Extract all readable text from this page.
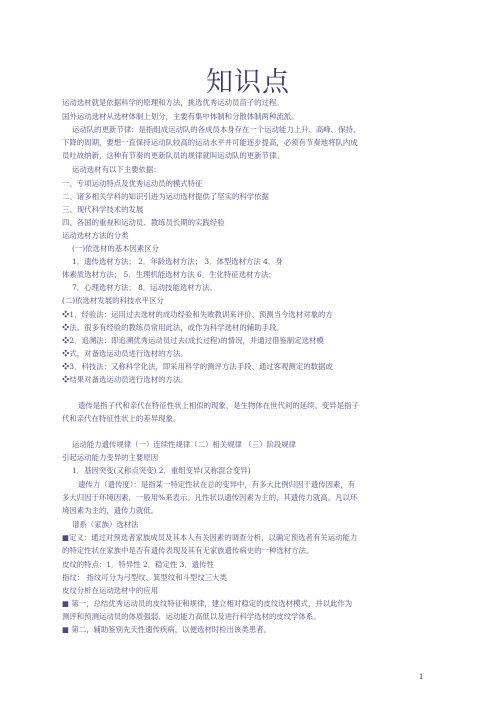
知识点
运动选材就是依据科学的原理和方法，挑选优秀运动员苗子的过程。
国外运动选材从选材体制上划分，主要有集中体制和分散体制两种流派。
运动队的更新节律：是指组成运动队的各成员本身存在一个运动能力上升、高峰、保持、
下降的周期，要想一直保持运动队较高的运动水平并可能逐步提高，必须有节奏地将队内成
员吐故纳新，这种有节奏的更新队员的规律就叫运动队的更新节律。
运动选材有以下主要依据：
一、专项运动特点及优秀运动员的模式特征
二、诸多相关学科的知识引进为运动选材提供了坚实的科学依据
三、现代科学技术的发展
四、各国的重视和运动员、教练员长期的实践经验
运动选材方法的分类
(一)依选材的基本因素区分
1．遗传选材方法； 2．年龄选材方法； 3．体型选材方法 4．身
体素质选材方法； 5．生理机能选材方法 6．生化特征选材方法；
7．心理选材方法； 8．运动技能选材方法。
(二)依选材发展的科技水平区分
❖1．经验法：运用过去选材的成功经验和失败教训来评价、预测当今选材对象的方
❖法。很多有经验的教练员常用此法，或作为科学选材的辅助手段。
❖2．追溯法：即追溯优秀运动员过去(成长过程)的情况，并通过借鉴制定选材模
❖式，对备选运动员进行选材的方法。
❖3．科技法：又称科学化法，即采用科学的测评方法手段、通过客观测定的数据或
❖结果对备选运动员进行选材的方法。
遗传是指子代和亲代在特征性状上相似的现象，是生物体在世代间的延续。变异是指子
代和亲代在特征性状上的差异现象。
运动能力遗传规律（一）连续性规律（二）相关规律 （三）阶段规律
引起运动能力变异的主要原因
1．基因突变(又称点突变) 2．重组变异(又称混合变异)
遗传力（遗传度）：是指某一特定性状在总的变异中，有多大比例归因于遗传因素，有
多大归因于环境因素，一般用%来表示。凡性状以遗传因素为主的，其遗传力就高。凡以环
境因素为主的，遗传力就低。
谱系（家族）选材法
■定义：通过对预选者家族成员及其本人有关因素的调查分析，以确定预选者有关运动能力
的特定性状在家族中是否有遗传表现及其有无家族遗传病史的一种选材方法。
皮纹的特点：1．特异性 2．稳定性 3．遗传性
指纹： 指纹可分为弓型纹、箕型纹和斗型纹三大类
皮纹分析在运动选材中的应用
■ 第一，总结优秀运动员的皮纹特征和规律，建立相对稳定的皮纹选材模式，并以此作为
测评和预测运动员的体质强弱、运动能力高低以及进行科学选材的皮纹学体系。
■ 第二，辅助鉴别先天性遗传疾病，以便选材时检出该类患者。
1
